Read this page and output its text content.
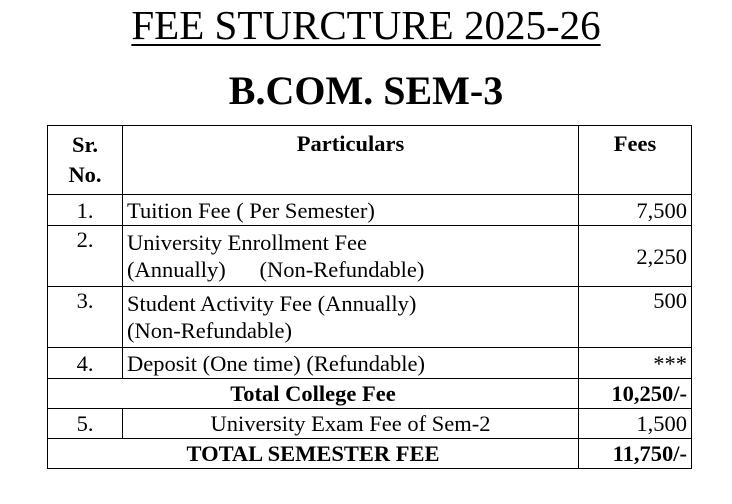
FEE STURCTURE 2025-26
B.COM. SEM-3
Sr.
No.	Particulars	Fees
1.	Tuition Fee ( Per Semester)	7,500
2.	University Enrollment Fee
(Annually)      (Non-Refundable)	2,250
3.	Student Activity Fee (Annually)
(Non-Refundable)	500
4.	Deposit (One time) (Refundable)	***
Total College Fee		10,250/-
5.	University Exam Fee of Sem-2	1,500
TOTAL SEMESTER FEE		11,750/-
